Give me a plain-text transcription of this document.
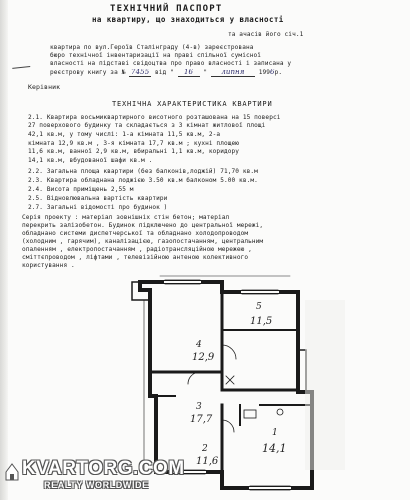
ТЕХНІЧНИЙ ПАСПОРТ
на квартиру, що знаходиться у власності
та ачасів його січ.1
квартира по вул.Героїв Сталінграду (4-в) зареєстрована
бюро технічної інвентаризації на праві спільної сумісної
власності на підставі свідоцтва про право власності і записана у
реєстрову книгу за № 7455 від " 16 " липня 1996р.
Керівник
ТЕХНІЧНА ХАРАКТЕРИСТИКА КВАРТИРИ
2.1. Квартира восьмиквартирного висотного розташована на 15 поверсі
27 поверхового будинку та складається з 3 кімнат житлової площі
42,1 кв.м, у тому числі: 1-а кімната 11,5 кв.м, 2-а
кімната 12,9 кв.м , 3-я кімната 17,7 кв.м ; кухні площею
11,6 кв.м, ванної 2,9 кв.м, вбиральні 1,1 кв.м, коридору
14,1 кв.м, вбудованої шафи кв.м .
2.2. Загальна площа квартири (без балконів,лоджій) 71,70 кв.м
2.3. Квартира обладнана лоджією 3.50 кв.м балконом 5.00 кв.м.
2.4. Висота приміщень 2,55 м
2.5. Відновлювальна вартість квартири
2.7. Загальні відомості про будинок )
Серія проекту : матеріал зовнішніх стін бетон; матеріал
перекрить залізобетон. Будинок підключено до центральної мережі,
обладнано системи диспетчерської та обладнано холодопроводом
(холодним , гарячим), каналізацією, газопостачанням, центральним
опаленням , електропостачанням , радіотрансляційною мережею ,
сміттєпроводом , ліфтами , телевізійною антеною колективного
користування .
4
12,9
5
11,5
3
17,7
2
11,6
1
14,1
KVARTORG.COM
REALTY WORLDWIDE
